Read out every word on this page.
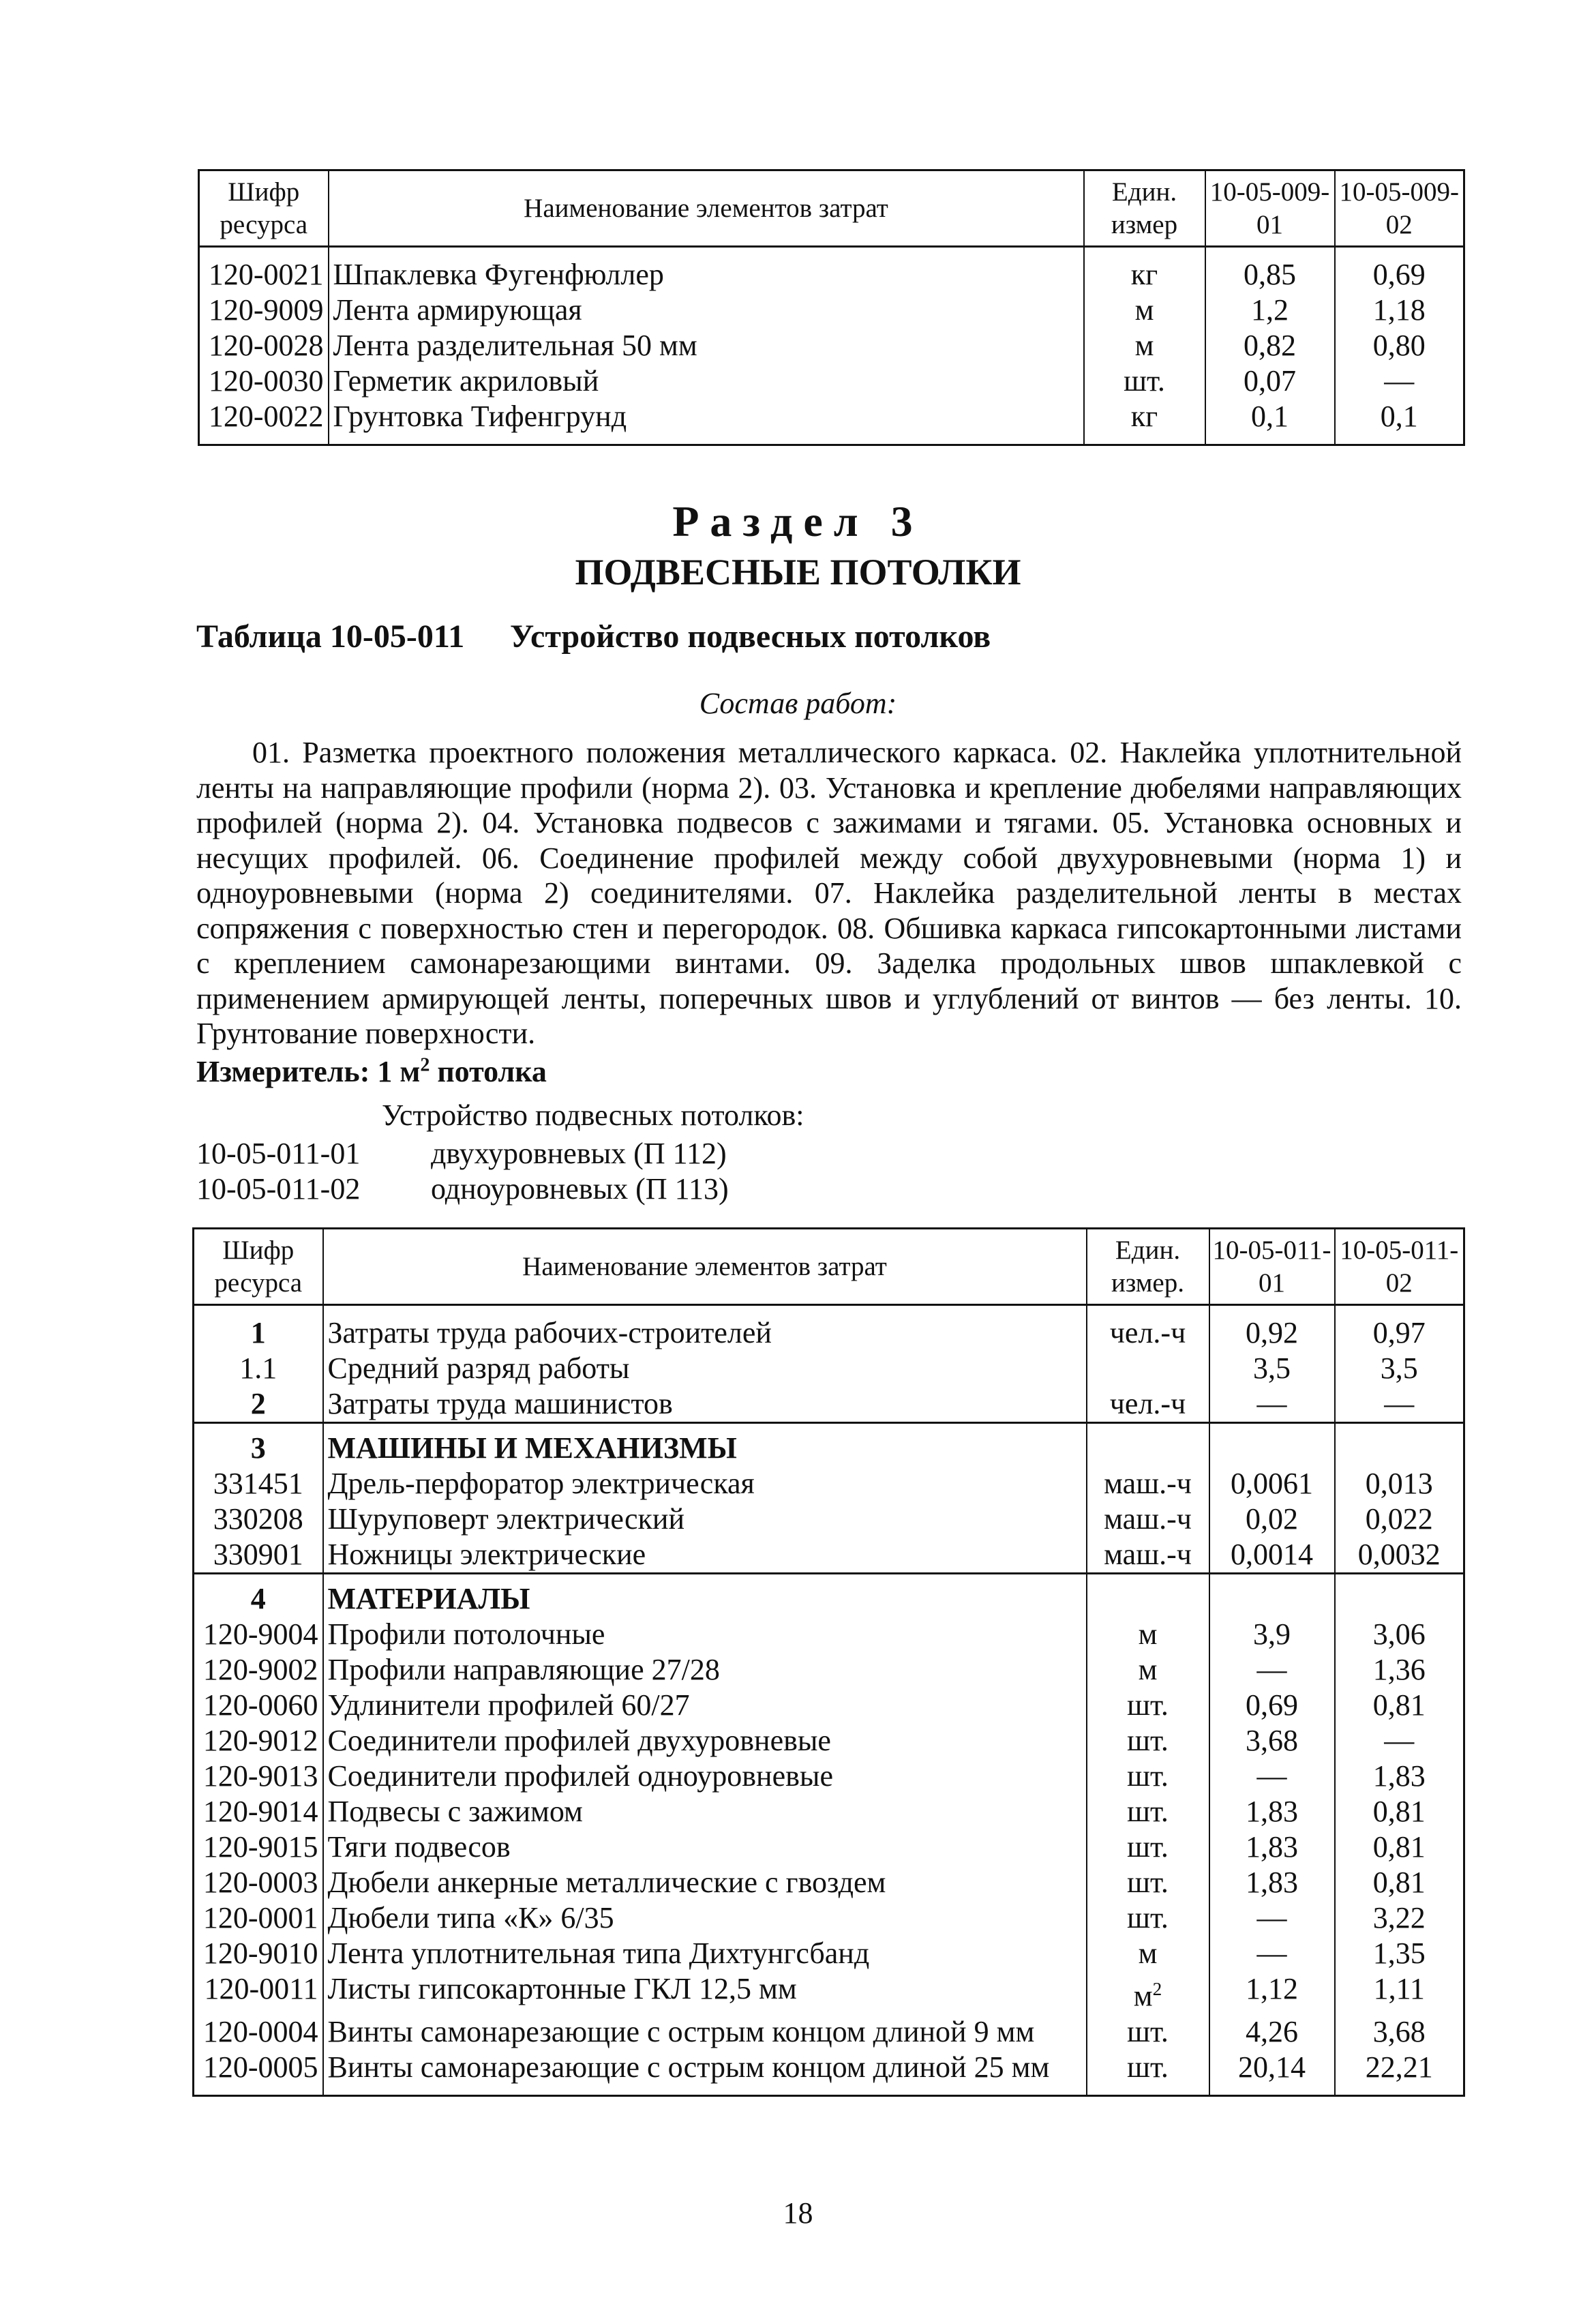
Шифр ресурса	Наименование элементов затрат	Един. измер	10-05-009-01	10-05-009-02

120-0021	Шпаклевка Фугенфюллер	кг	0,85	0,69
120-9009	Лента армирующая	м	1,2	1,18
120-0028	Лента разделительная 50 мм	м	0,82	0,80
120-0030	Герметик акриловый	шт.	0,07	—
120-0022	Грунтовка Тифенгрунд	кг	0,1	0,1

Раздел 3
ПОДВЕСНЫЕ ПОТОЛКИ
Таблица 10-05-011 Устройство подвесных потолков
Состав работ:
01. Разметка проектного положения металлического каркаса. 02. Наклейка уплотнительной ленты на направляющие профили (норма 2). 03. Установка и крепление дюбелями направляющих профилей (норма 2). 04. Установка подвесов с зажимами и тягами. 05. Установка основных и несущих профилей. 06. Соединение профилей между собой двухуровневыми (норма 1) и одноуровневыми (норма 2) соединителями. 07. Наклейка разделительной ленты в местах сопряжения с поверхностью стен и перегородок. 08. Обшивка каркаса гипсокартонными листами с креплением самонарезающими винтами. 09. Заделка продольных швов шпаклевкой с применением армирующей ленты, поперечных швов и углублений от винтов — без ленты. 10. Грунтование поверхности.
Измеритель: 1 $м^2$ потолка
Устройство подвесных потолков:
10-05-011-01 двухуровневых (П 112)
10-05-011-02 одноуровневых (П 113)
Шифр ресурса	Наименование элементов затрат	Един. измер.	10-05-011-01	10-05-011-02

1	Затраты труда рабочих-строителей	чел.-ч	0,92	0,97
1.1	Средний разряд работы		3,5	3,5
2	Затраты труда машинистов	чел.-ч	—	—
3	МАШИНЫ И МЕХАНИЗМЫ			
331451	Дрель-перфоратор электрическая	маш.-ч	0,0061	0,013
330208	Шуруповерт электрический	маш.-ч	0,02	0,022
330901	Ножницы электрические	маш.-ч	0,0014	0,0032
4	МАТЕРИАЛЫ			
120-9004	Профили потолочные	м	3,9	3,06
120-9002	Профили направляющие 27/28	м	—	1,36
120-0060	Удлинители профилей 60/27	шт.	0,69	0,81
120-9012	Соединители профилей двухуровневые	шт.	3,68	—
120-9013	Соединители профилей одноуровневые	шт.	—	1,83
120-9014	Подвесы с зажимом	шт.	1,83	0,81
120-9015	Тяги подвесов	шт.	1,83	0,81
120-0003	Дюбели анкерные металлические с гвоздем	шт.	1,83	0,81
120-0001	Дюбели типа «К» 6/35	шт.	—	3,22
120-9010	Лента уплотнительная типа Дихтунгсбанд	м	—	1,35
120-0011	Листы гипсокартонные ГКЛ 12,5 мм	$м^2$	1,12	1,11
120-0004	Винты самонарезающие с острым концом длиной 9 мм	шт.	4,26	3,68
120-0005	Винты самонарезающие с острым концом длиной 25 мм	шт.	20,14	22,21

18
